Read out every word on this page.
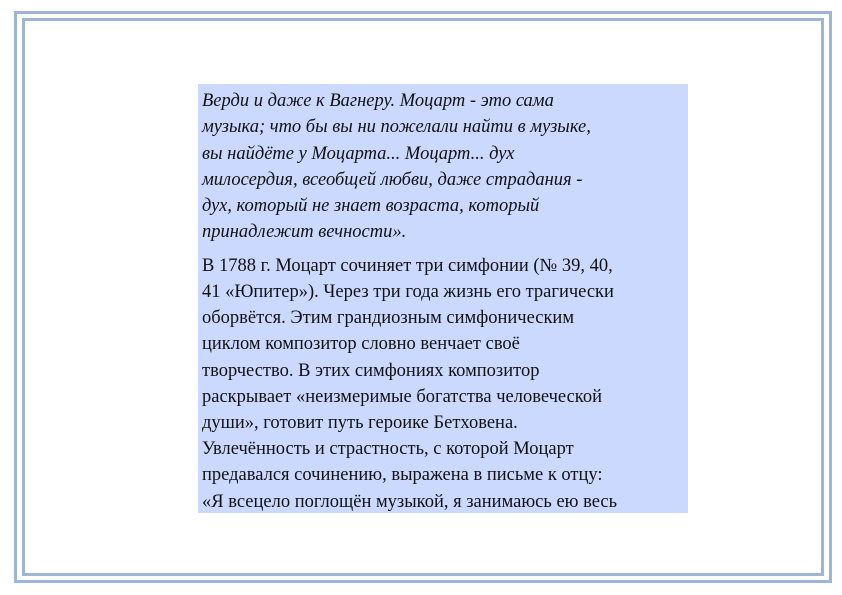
Верди и даже к Вагнеру. Моцарт - это сама
музыка; что бы вы ни пожелали найти в музыке,
вы найдёте у Моцарта... Моцарт... дух
милосердия, всеобщей любви, даже страдания -
дух, который не знает возраста, который
принадлежит вечности».

В 1788 г. Моцарт сочиняет три симфонии (№ 39, 40,
41 «Юпитер»). Через три года жизнь его трагически
оборвётся. Этим грандиозным симфоническим
циклом композитор словно венчает своё
творчество. В этих симфониях композитор
раскрывает «неизмеримые богатства человеческой
души», готовит путь героике Бетховена.
Увлечённость и страстность, с которой Моцарт
предавался сочинению, выражена в письме к отцу:
«Я всецело поглощён музыкой, я занимаюсь ею весь
